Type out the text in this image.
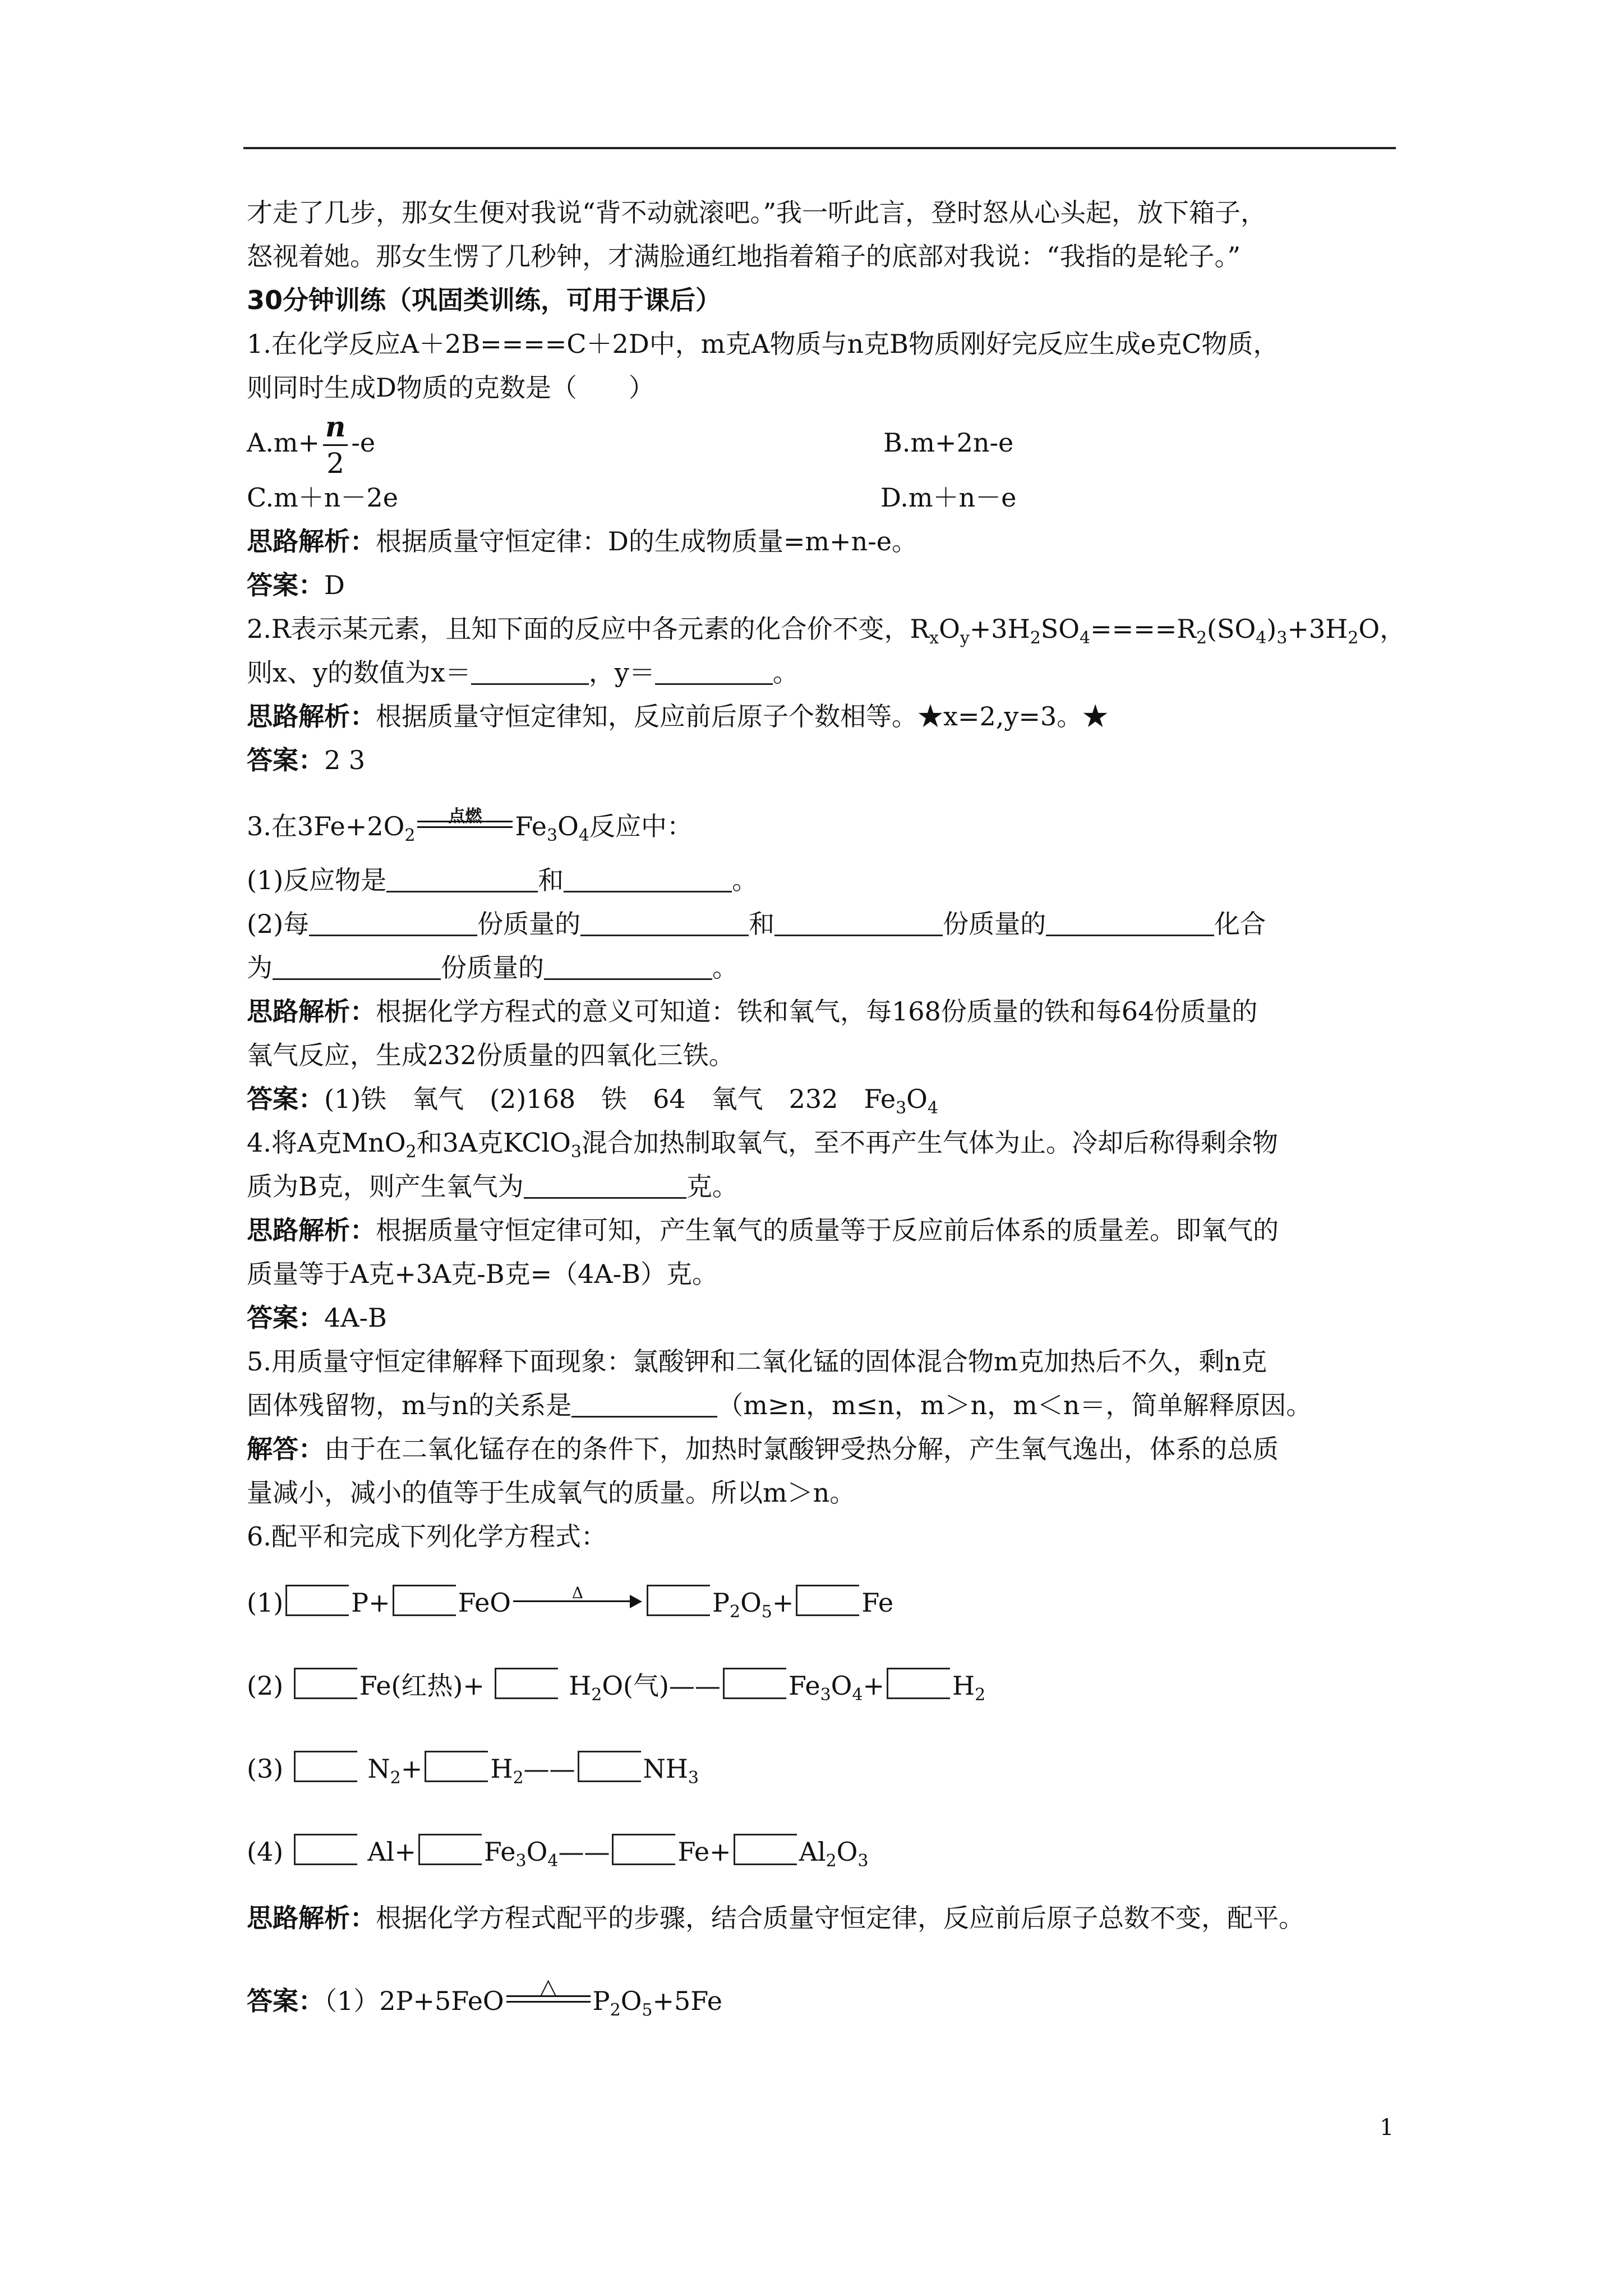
才走了几步，那女生便对我说“背不动就滚吧。”我一听此言，登时怒从心头起，放下箱子，
怒视着她。那女生愣了几秒钟，才满脸通红地指着箱子的底部对我说：“我指的是轮子。”
30分钟训练（巩固类训练，可用于课后）
1.在化学反应A＋2B====C＋2D中，m克A物质与n克B物质刚好完反应生成e克C物质，
则同时生成D物质的克数是（　　）
$A.m+ \frac{n}{2} -e$	B.m+2n-e
C.m＋n－2e	D.m＋n－e
思路解析：根据质量守恒定律：D的生成物质量=m+n-e。
答案：D
2.R表示某元素，且知下面的反应中各元素的化合价不变，$R_xO_y+3H_2SO_4====R_2(SO_4)_3+3H_2O$，
则x、y的数值为x＝	，y＝	。
思路解析：根据质量守恒定律知，反应前后原子个数相等。★x=2,y=3。★
答案：2 3
3.在$3Fe+2O_2$
点燃	$Fe_3O_4$反应中：
(1)反应物是	和	。
(2)每	份质量的	和	份质量的	化合
为	份质量的	。
思路解析：根据化学方程式的意义可知道：铁和氧气，每168份质量的铁和每64份质量的
氧气反应，生成232份质量的四氧化三铁。
答案：(1)铁　氧气　(2)168　铁　64　氧气　232　$Fe_3O_4$
4.将A克MnO$_2$和3A克KClO$_3$混合加热制取氧气，至不再产生气体为止。冷却后称得剩余物
质为B克，则产生氧气为	克。
思路解析：根据质量守恒定律可知，产生氧气的质量等于反应前后体系的质量差。即氧气的
质量等于A克+3A克-B克=（4A-B）克。
答案：4A-B
5.用质量守恒定律解释下面现象：氯酸钾和二氧化锰的固体混合物m克加热后不久，剩n克
固体残留物，m与n的关系是	（m≥n，m≤n，m＞n，m＜n＝，简单解释原因。
解答：由于在二氧化锰存在的条件下，加热时氯酸钾受热分解，产生氧气逸出，体系的总质
量减小，减小的值等于生成氧气的质量。所以m＞n。
6.配平和完成下列化学方程式：
(1)	P+	FeO	Δ	$P_2O_5+$	Fe
(2)	Fe(红热)+	$H_2O$(气)——	$Fe_3O_4+$	$H_2$
(3)	$N_2+$	$H_2——$	$NH_3$
(4)	Al+	$Fe_3O_4——$	Fe+	$Al_2O_3$
思路解析：根据化学方程式配平的步骤，结合质量守恒定律，反应前后原子总数不变，配平。
答案：（1）2P+5FeO	△	$P_2O_5+5Fe$
1
